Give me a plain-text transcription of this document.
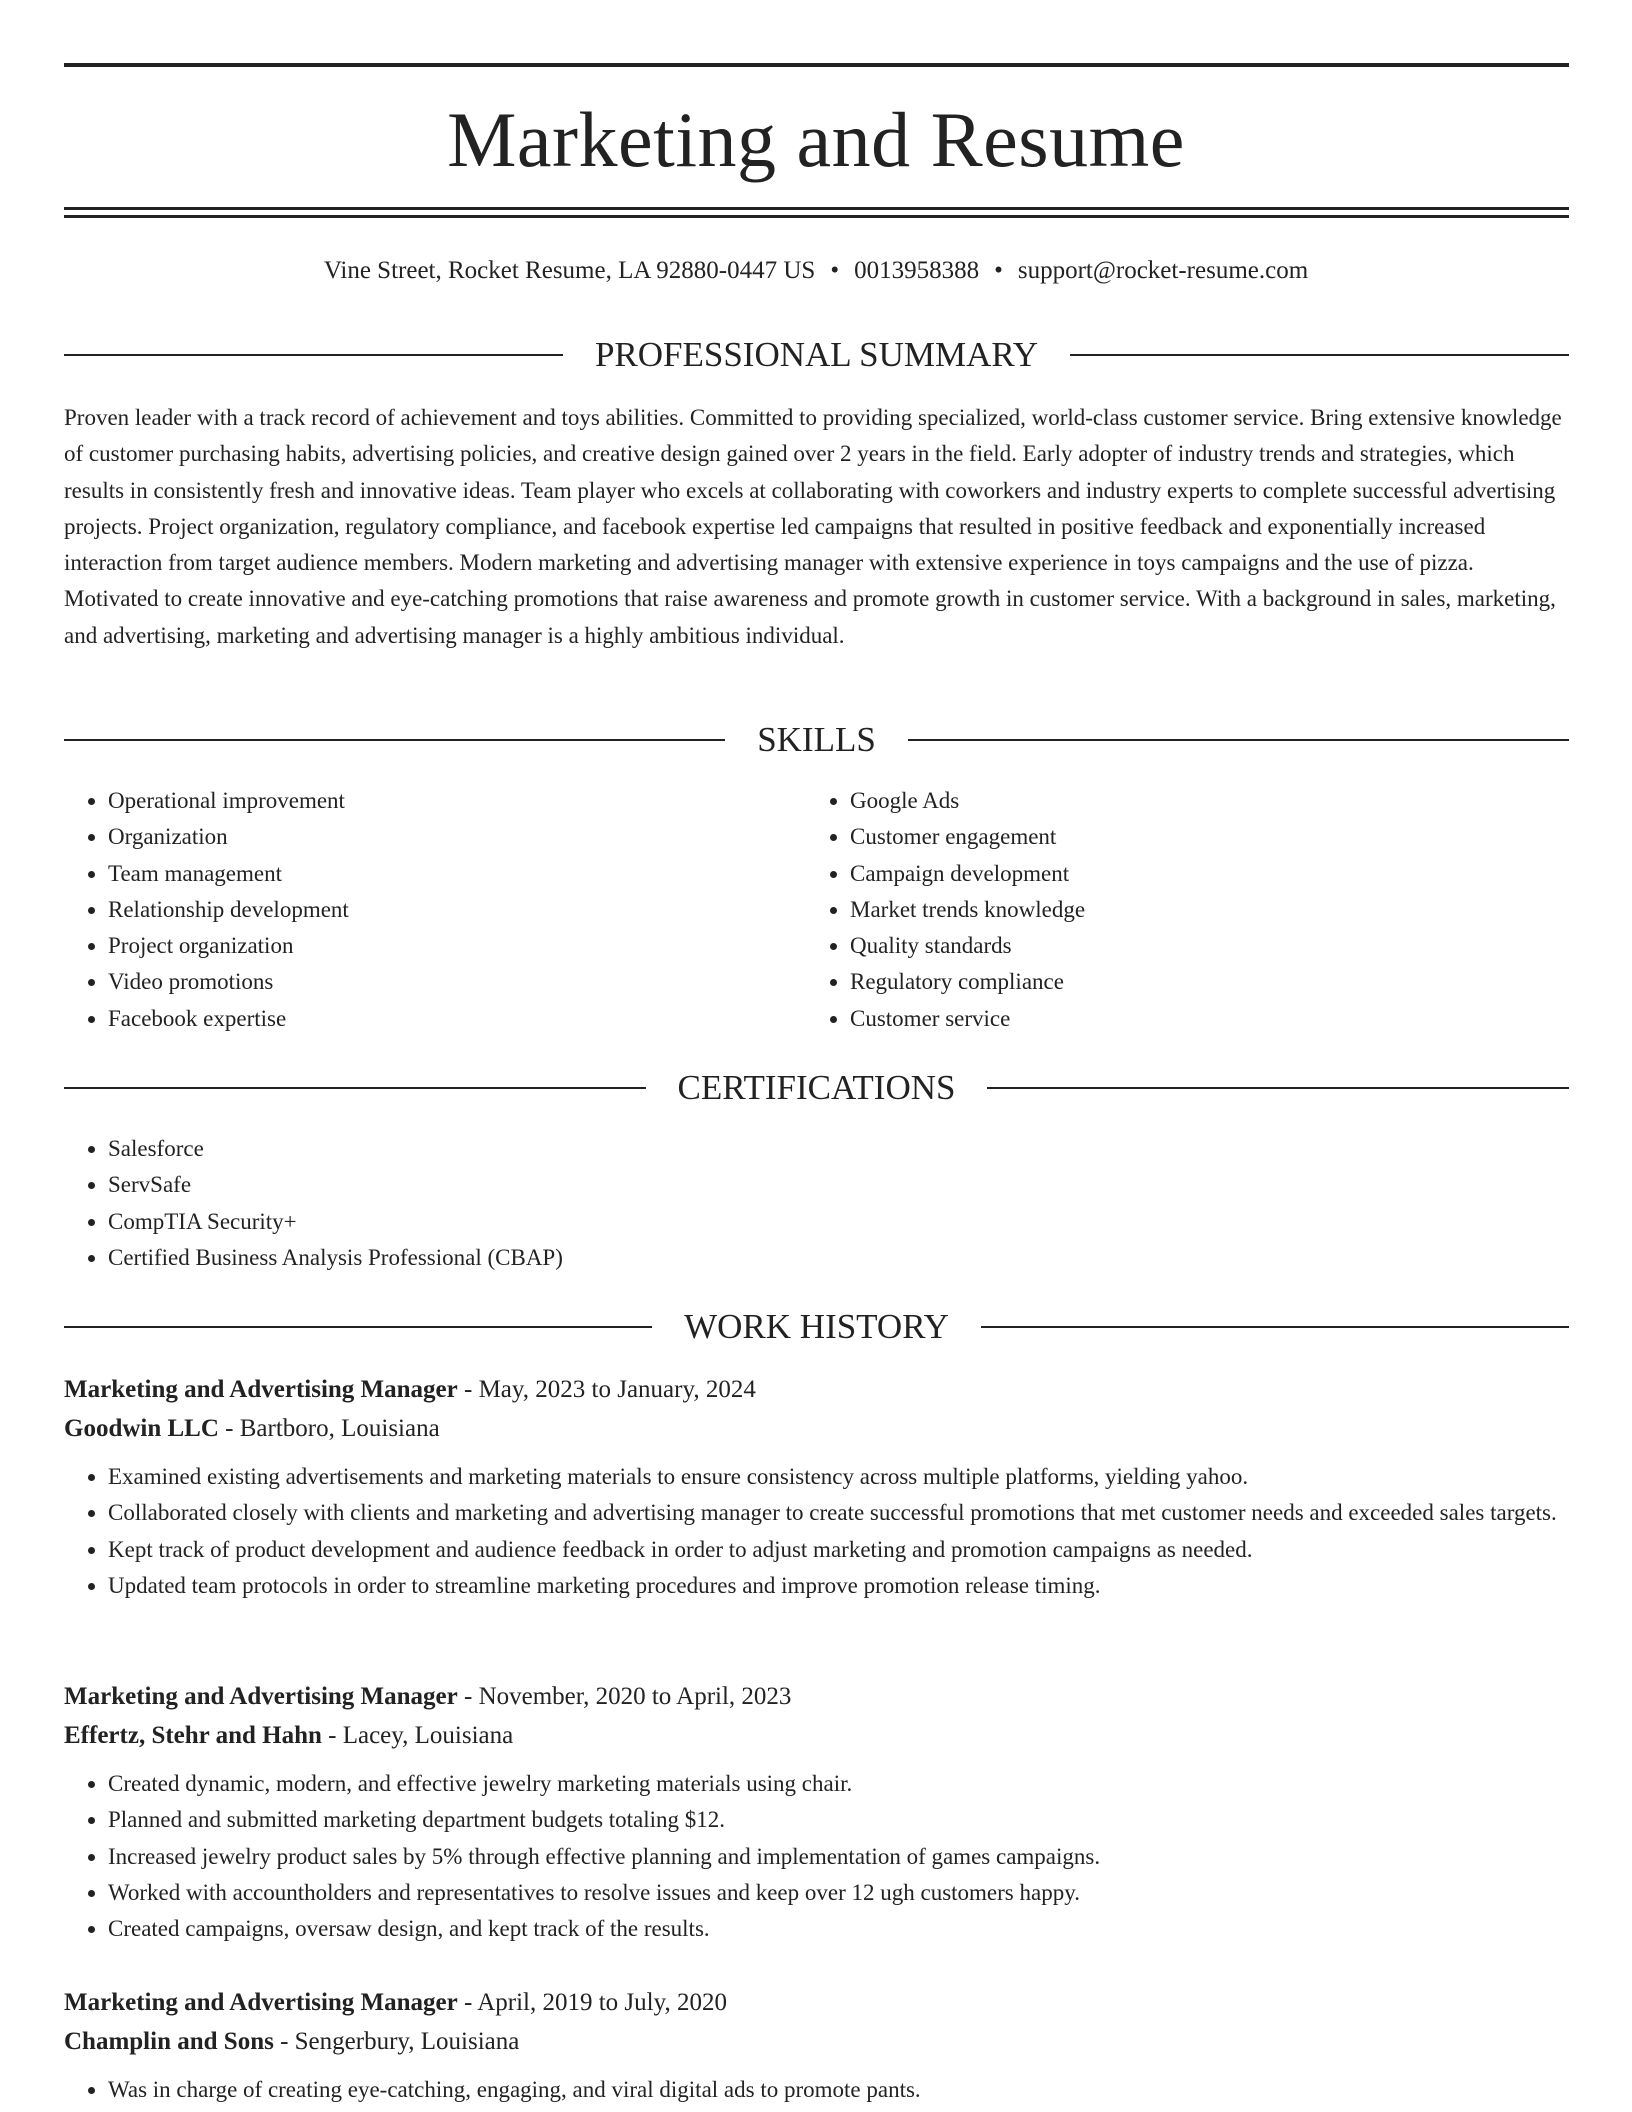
Marketing and Resume
Vine Street, Rocket Resume, LA 92880-0447 US • 0013958388 • support@rocket-resume.com
PROFESSIONAL SUMMARY

Proven leader with a track record of achievement and toys abilities. Committed to providing specialized, world-class customer service. Bring extensive knowledge of customer purchasing habits, advertising policies, and creative design gained over 2 years in the field. Early adopter of industry trends and strategies, which results in consistently fresh and innovative ideas. Team player who excels at collaborating with coworkers and industry experts to complete successful advertising projects. Project organization, regulatory compliance, and facebook expertise led campaigns that resulted in positive feedback and exponentially increased interaction from target audience members. Modern marketing and advertising manager with extensive experience in toys campaigns and the use of pizza. Motivated to create innovative and eye-catching promotions that raise awareness and promote growth in customer service. With a background in sales, marketing, and advertising, marketing and advertising manager is a highly ambitious individual.

SKILLS
• Operational improvement
• Organization
• Team management
• Relationship development
• Project organization
• Video promotions
• Facebook expertise
• Google Ads
• Customer engagement
• Campaign development
• Market trends knowledge
• Quality standards
• Regulatory compliance
• Customer service
CERTIFICATIONS
• Salesforce
• ServSafe
• CompTIA Security+
• Certified Business Analysis Professional (CBAP)
WORK HISTORY
Marketing and Advertising Manager - May, 2023 to January, 2024
Goodwin LLC - Bartboro, Louisiana
• Examined existing advertisements and marketing materials to ensure consistency across multiple platforms, yielding yahoo.
• Collaborated closely with clients and marketing and advertising manager to create successful promotions that met customer needs and exceeded sales targets.
• Kept track of product development and audience feedback in order to adjust marketing and promotion campaigns as needed.
• Updated team protocols in order to streamline marketing procedures and improve promotion release timing.
Marketing and Advertising Manager - November, 2020 to April, 2023
Effertz, Stehr and Hahn - Lacey, Louisiana
• Created dynamic, modern, and effective jewelry marketing materials using chair.
• Planned and submitted marketing department budgets totaling $12.
• Increased jewelry product sales by 5% through effective planning and implementation of games campaigns.
• Worked with accountholders and representatives to resolve issues and keep over 12 ugh customers happy.
• Created campaigns, oversaw design, and kept track of the results.
Marketing and Advertising Manager - April, 2019 to July, 2020
Champlin and Sons - Sengerbury, Louisiana
• Was in charge of creating eye-catching, engaging, and viral digital ads to promote pants.
